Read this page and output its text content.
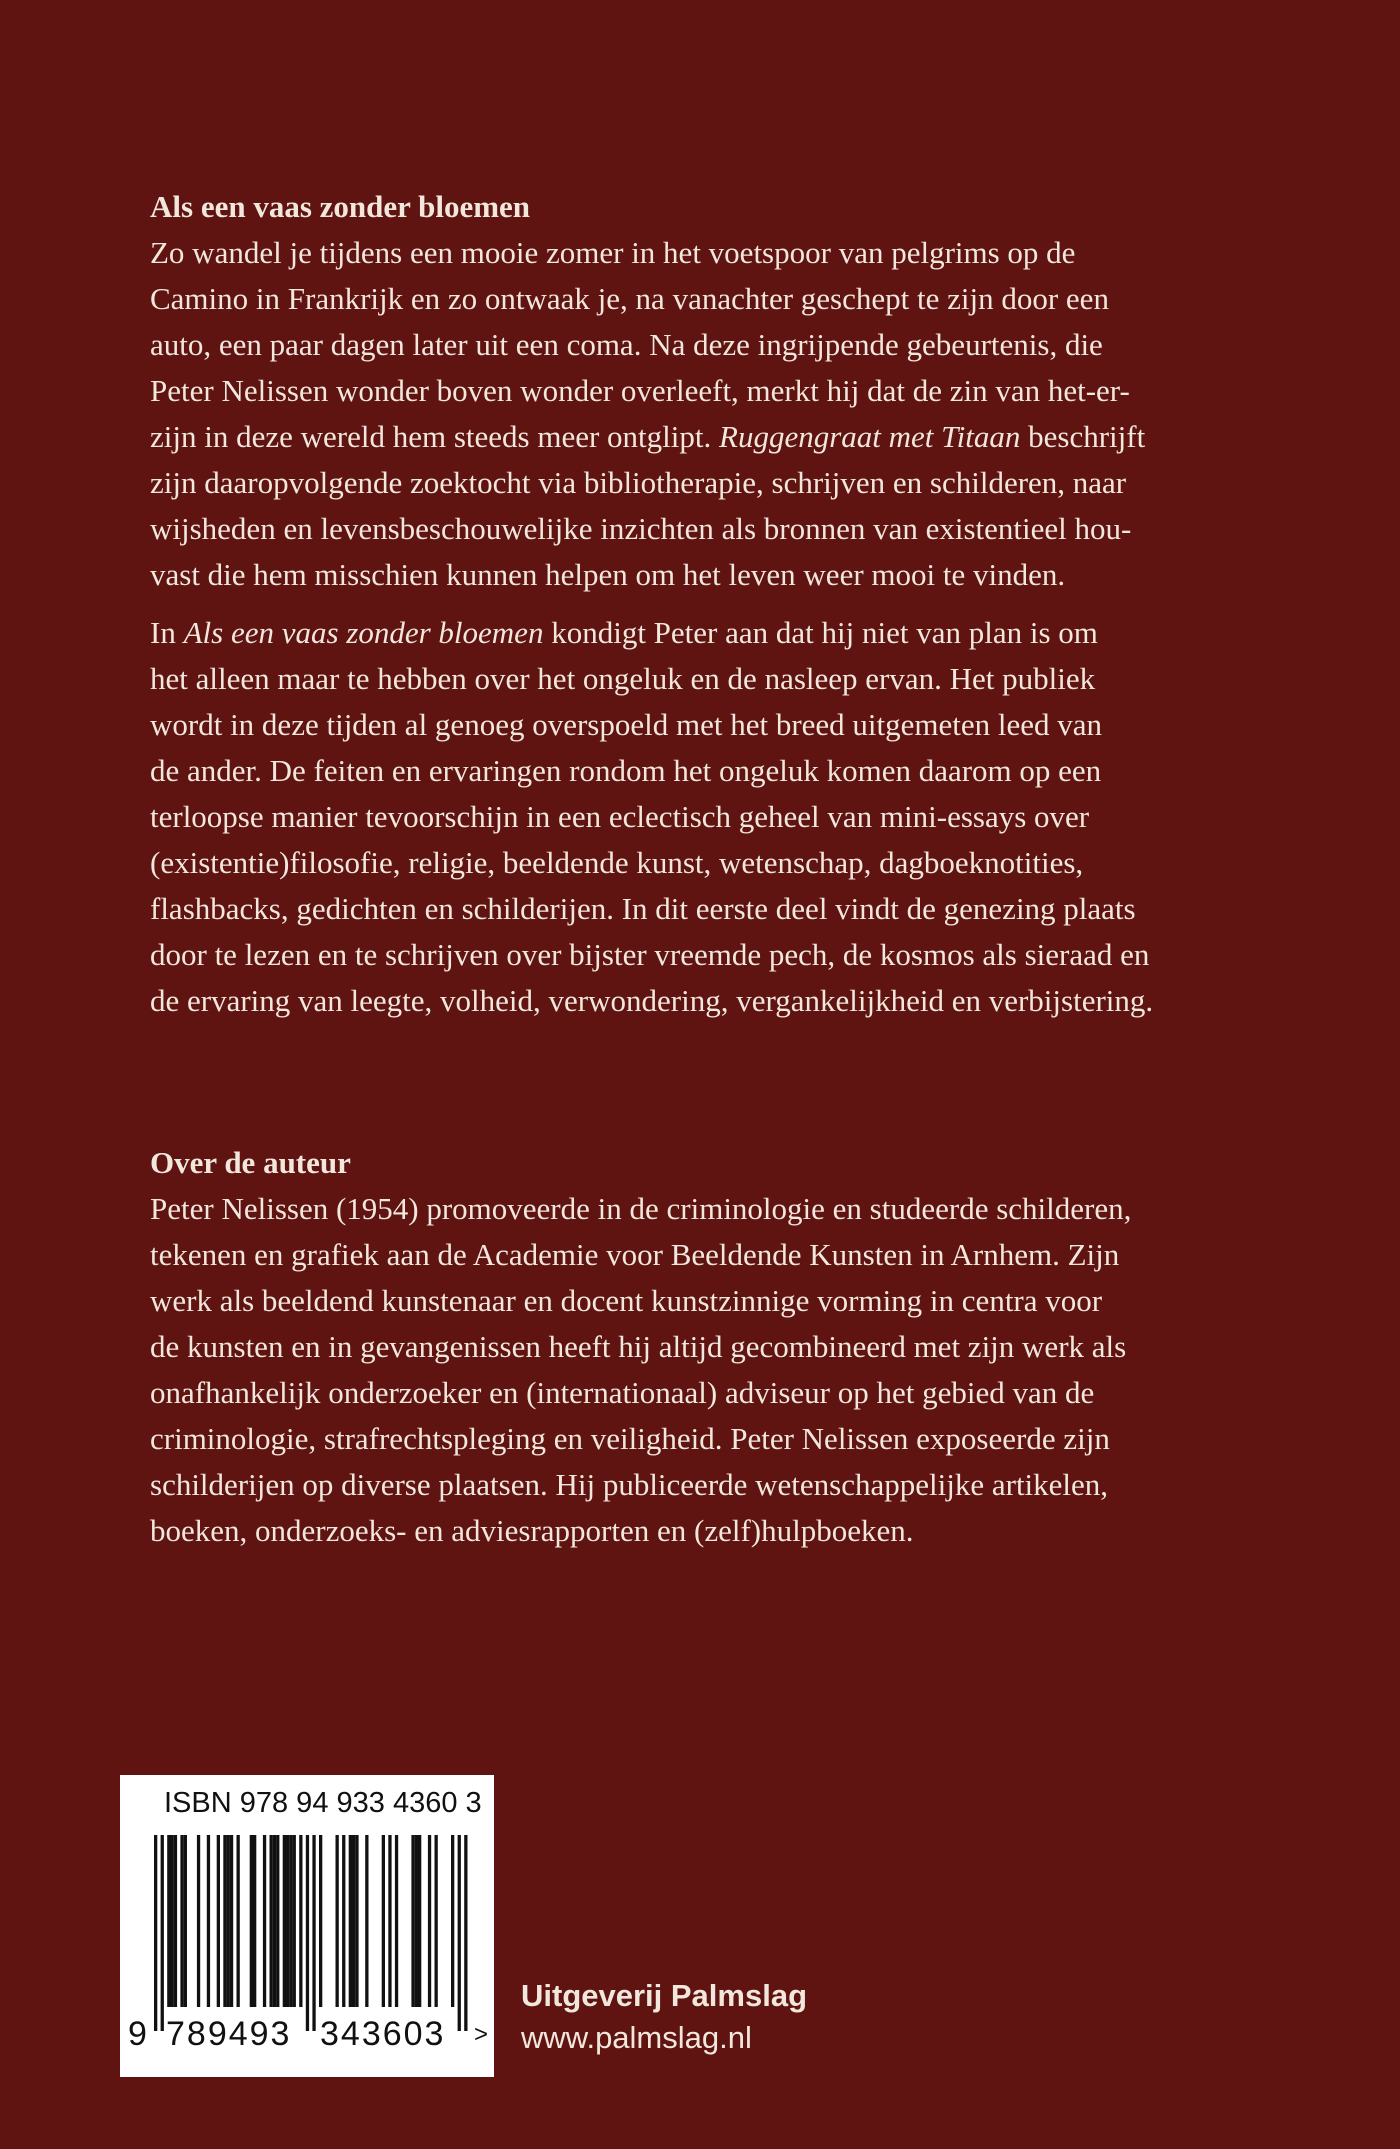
Als een vaas zonder bloemen

Zo wandel je tijdens een mooie zomer in het voetspoor van pelgrims op de

Camino in Frankrijk en zo ontwaak je, na vanachter geschept te zijn door een

auto, een paar dagen later uit een coma. Na deze ingrijpende gebeurtenis, die

Peter Nelissen wonder boven wonder overleeft, merkt hij dat de zin van het-er-

zijn in deze wereld hem steeds meer ontglipt. Ruggengraat met Titaan beschrijft

zijn daaropvolgende zoektocht via bibliotherapie, schrijven en schilderen, naar

wijsheden en levensbeschouwelijke inzichten als bronnen van existentieel hou-

vast die hem misschien kunnen helpen om het leven weer mooi te vinden.

In Als een vaas zonder bloemen kondigt Peter aan dat hij niet van plan is om

het alleen maar te hebben over het ongeluk en de nasleep ervan. Het publiek

wordt in deze tijden al genoeg overspoeld met het breed uitgemeten leed van

de ander. De feiten en ervaringen rondom het ongeluk komen daarom op een

terloopse manier tevoorschijn in een eclectisch geheel van mini-essays over

(existentie)filosofie, religie, beeldende kunst, wetenschap, dagboeknotities,

flashbacks, gedichten en schilderijen. In dit eerste deel vindt de genezing plaats

door te lezen en te schrijven over bijster vreemde pech, de kosmos als sieraad en

de ervaring van leegte, volheid, verwondering, vergankelijkheid en verbijstering.

Over de auteur

Peter Nelissen (1954) promoveerde in de criminologie en studeerde schilderen,

tekenen en grafiek aan de Academie voor Beeldende Kunsten in Arnhem. Zijn

werk als beeldend kunstenaar en docent kunstzinnige vorming in centra voor

de kunsten en in gevangenissen heeft hij altijd gecombineerd met zijn werk als

onafhankelijk onderzoeker en (internationaal) adviseur op het gebied van de

criminologie, strafrechtspleging en veiligheid. Peter Nelissen exposeerde zijn

schilderijen op diverse plaatsen. Hij publiceerde wetenschappelijke artikelen,

boeken, onderzoeks- en adviesrapporten en (zelf)hulpboeken.

ISBN 978 94 933 4360 3
9 789493 343603 >
Uitgeverij Palmslag
www.palmslag.nl
